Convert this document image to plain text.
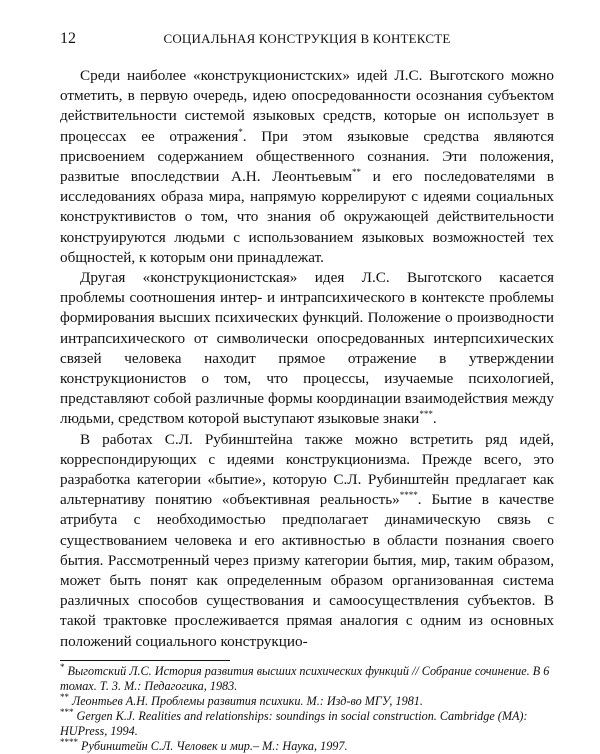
12	СОЦИАЛЬНАЯ КОНСТРУКЦИЯ В КОНТЕКСТЕ

Среди наиболее «конструкционистских» идей Л.С. Выготского можно отметить, в первую очередь, идею опосредованности осознания субъектом действительности системой языковых средств, которые он использует в процессах ее отражения*. При этом языковые средства являются присвоением содержанием общественного сознания. Эти положения, развитые впоследствии А.Н. Леонтьевым** и его последователями в исследованиях образа мира, напрямую коррелируют с идеями социальных конструктивистов о том, что знания об окружающей действительности конструируются людьми с использованием языковых возможностей тех общностей, к которым они принадлежат.

Другая «конструкционистская» идея Л.С. Выготского касается проблемы соотношения интер- и интрапсихического в контексте проблемы формирования высших психических функций. Положение о производности интрапсихического от символически опосредованных интерпсихических связей человека находит прямое отражение в утверждении конструкционистов о том, что процессы, изучаемые психологией, представляют собой различные формы координации взаимодействия между людьми, средством которой выступают языковые знаки***.

В работах С.Л. Рубинштейна также можно встретить ряд идей, корреспондирующих с идеями конструкционизма. Прежде всего, это разработка категории «бытие», которую С.Л. Рубинштейн предлагает как альтернативу понятию «объективная реальность»****. Бытие в качестве атрибута с необходимостью предполагает динамическую связь с существованием человека и его активностью в области познания своего бытия. Рассмотренный через призму категории бытия, мир, таким образом, может быть понят как определенным образом организованная система различных способов существования и самоосуществления субъектов. В такой трактовке прослеживается прямая аналогия с одним из основных положений социального конструкцио-

* Выготский Л.С. История развития высших психических функций // Собрание сочинение. В 6 томах. Т. 3. М.: Педагогика, 1983.

** Леонтьев А.Н. Проблемы развития психики. М.: Изд-во МГУ, 1981.

*** Gergen K.J. Realities and relationships: soundings in social construction. Cambridge (MA): HUPress, 1994.

**** Рубинштейн С.Л. Человек и мир.– М.: Наука, 1997.
